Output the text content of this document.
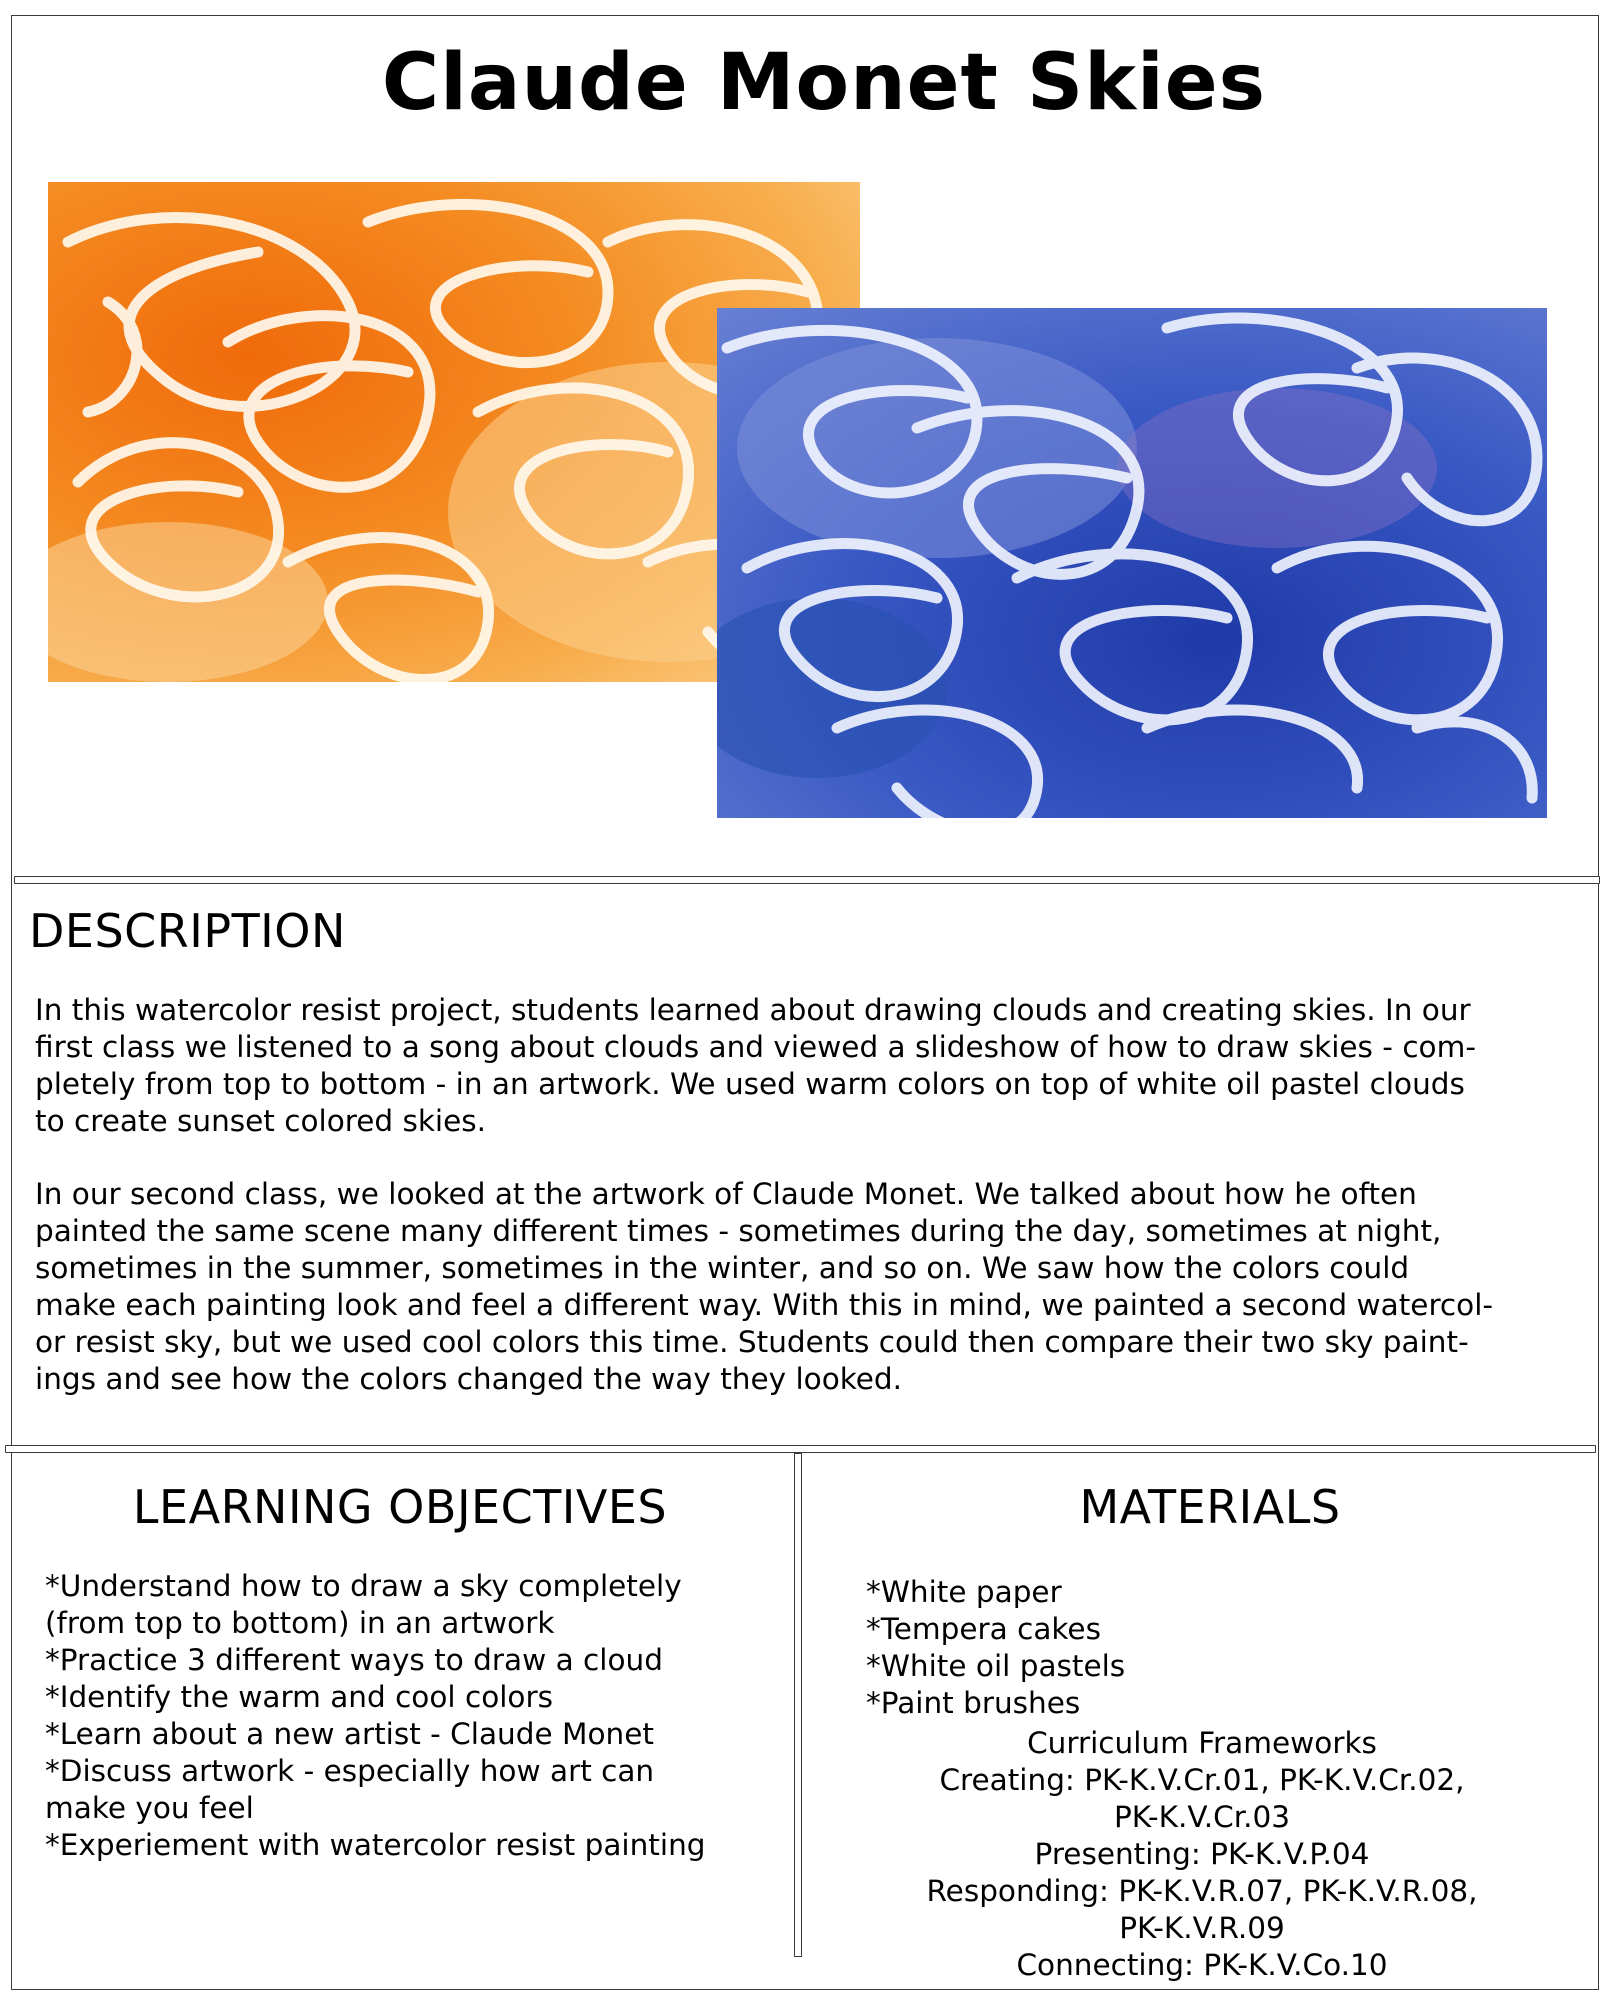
Claude Monet Skies
DESCRIPTION

In this watercolor resist project, students learned about drawing clouds and creating skies. In our
first class we listened to a song about clouds and viewed a slideshow of how to draw skies - com-
pletely from top to bottom - in an artwork. We used warm colors on top of white oil pastel clouds
to create sunset colored skies.

In our second class, we looked at the artwork of Claude Monet. We talked about how he often
painted the same scene many different times - sometimes during the day, sometimes at night,
sometimes in the summer, sometimes in the winter, and so on. We saw how the colors could
make each painting look and feel a different way. With this in mind, we painted a second watercol-
or resist sky, but we used cool colors this time. Students could then compare their two sky paint-
ings and see how the colors changed the way they looked.

LEARNING OBJECTIVES
*Understand how to draw a sky completely
(from top to bottom) in an artwork
*Practice 3 different ways to draw a cloud
*Identify the warm and cool colors
*Learn about a new artist - Claude Monet
*Discuss artwork - especially how art can
make you feel
*Experiement with watercolor resist painting
MATERIALS
*White paper
*Tempera cakes
*White oil pastels
*Paint brushes
Curriculum Frameworks
Creating: PK-K.V.Cr.01, PK-K.V.Cr.02,
PK-K.V.Cr.03
Presenting: PK-K.V.P.04
Responding: PK-K.V.R.07, PK-K.V.R.08,
PK-K.V.R.09
Connecting: PK-K.V.Co.10
